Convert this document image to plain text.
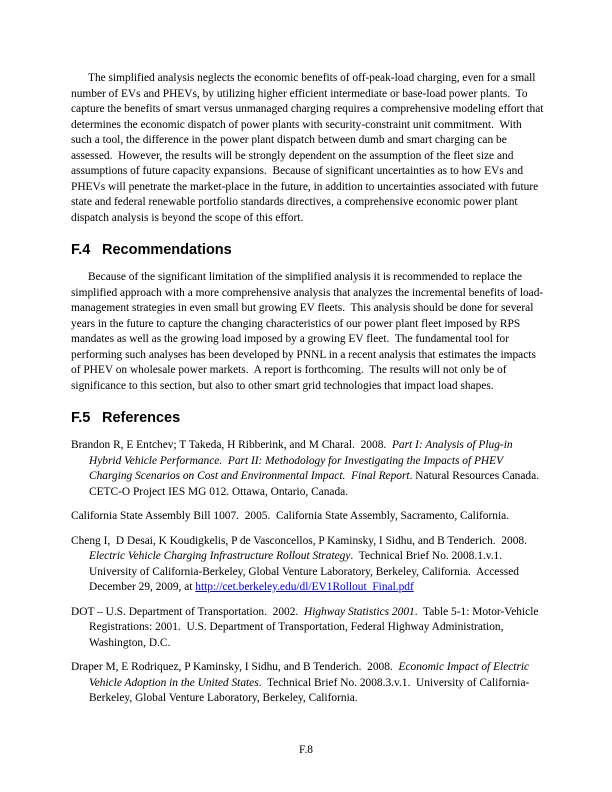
The simplified analysis neglects the economic benefits of off-peak-load charging, even for a small number of EVs and PHEVs, by utilizing higher efficient intermediate or base-load power plants.  To capture the benefits of smart versus unmanaged charging requires a comprehensive modeling effort that determines the economic dispatch of power plants with security-constraint unit commitment.  With such a tool, the difference in the power plant dispatch between dumb and smart charging can be assessed.  However, the results will be strongly dependent on the assumption of the fleet size and assumptions of future capacity expansions.  Because of significant uncertainties as to how EVs and PHEVs will penetrate the market-place in the future, in addition to uncertainties associated with future state and federal renewable portfolio standards directives, a comprehensive economic power plant dispatch analysis is beyond the scope of this effort.

F.4 Recommendations

Because of the significant limitation of the simplified analysis it is recommended to replace the simplified approach with a more comprehensive analysis that analyzes the incremental benefits of load-management strategies in even small but growing EV fleets.  This analysis should be done for several years in the future to capture the changing characteristics of our power plant fleet imposed by RPS mandates as well as the growing load imposed by a growing EV fleet.  The fundamental tool for performing such analyses has been developed by PNNL in a recent analysis that estimates the impacts of PHEV on wholesale power markets.  A report is forthcoming.  The results will not only be of significance to this section, but also to other smart grid technologies that impact load shapes.

F.5 References

Brandon R, E Entchev; T Takeda, H Ribberink, and M Charal.  2008.  Part I: Analysis of Plug-in Hybrid Vehicle Performance.  Part II: Methodology for Investigating the Impacts of PHEV Charging Scenarios on Cost and Environmental Impact.  Final Report. Natural Resources Canada. CETC-O Project IES MG 012. Ottawa, Ontario, Canada.

California State Assembly Bill 1007.  2005.  California State Assembly, Sacramento, California.

Cheng I,  D Desai, K Koudigkelis, P de Vasconcellos, P Kaminsky, I Sidhu, and B Tenderich.  2008.  Electric Vehicle Charging Infrastructure Rollout Strategy.  Technical Brief No. 2008.1.v.1.  University of California-Berkeley, Global Venture Laboratory, Berkeley, California.  Accessed December 29, 2009, at http://cet.berkeley.edu/dl/EV1Rollout_Final.pdf

DOT – U.S. Department of Transportation.  2002.  Highway Statistics 2001.  Table 5-1: Motor-Vehicle Registrations: 2001.  U.S. Department of Transportation, Federal Highway Administration, Washington, D.C.

Draper M, E Rodriquez, P Kaminsky, I Sidhu, and B Tenderich.  2008.  Economic Impact of Electric Vehicle Adoption in the United States.  Technical Brief No. 2008.3.v.1.  University of California-Berkeley, Global Venture Laboratory, Berkeley, California.

F.8
